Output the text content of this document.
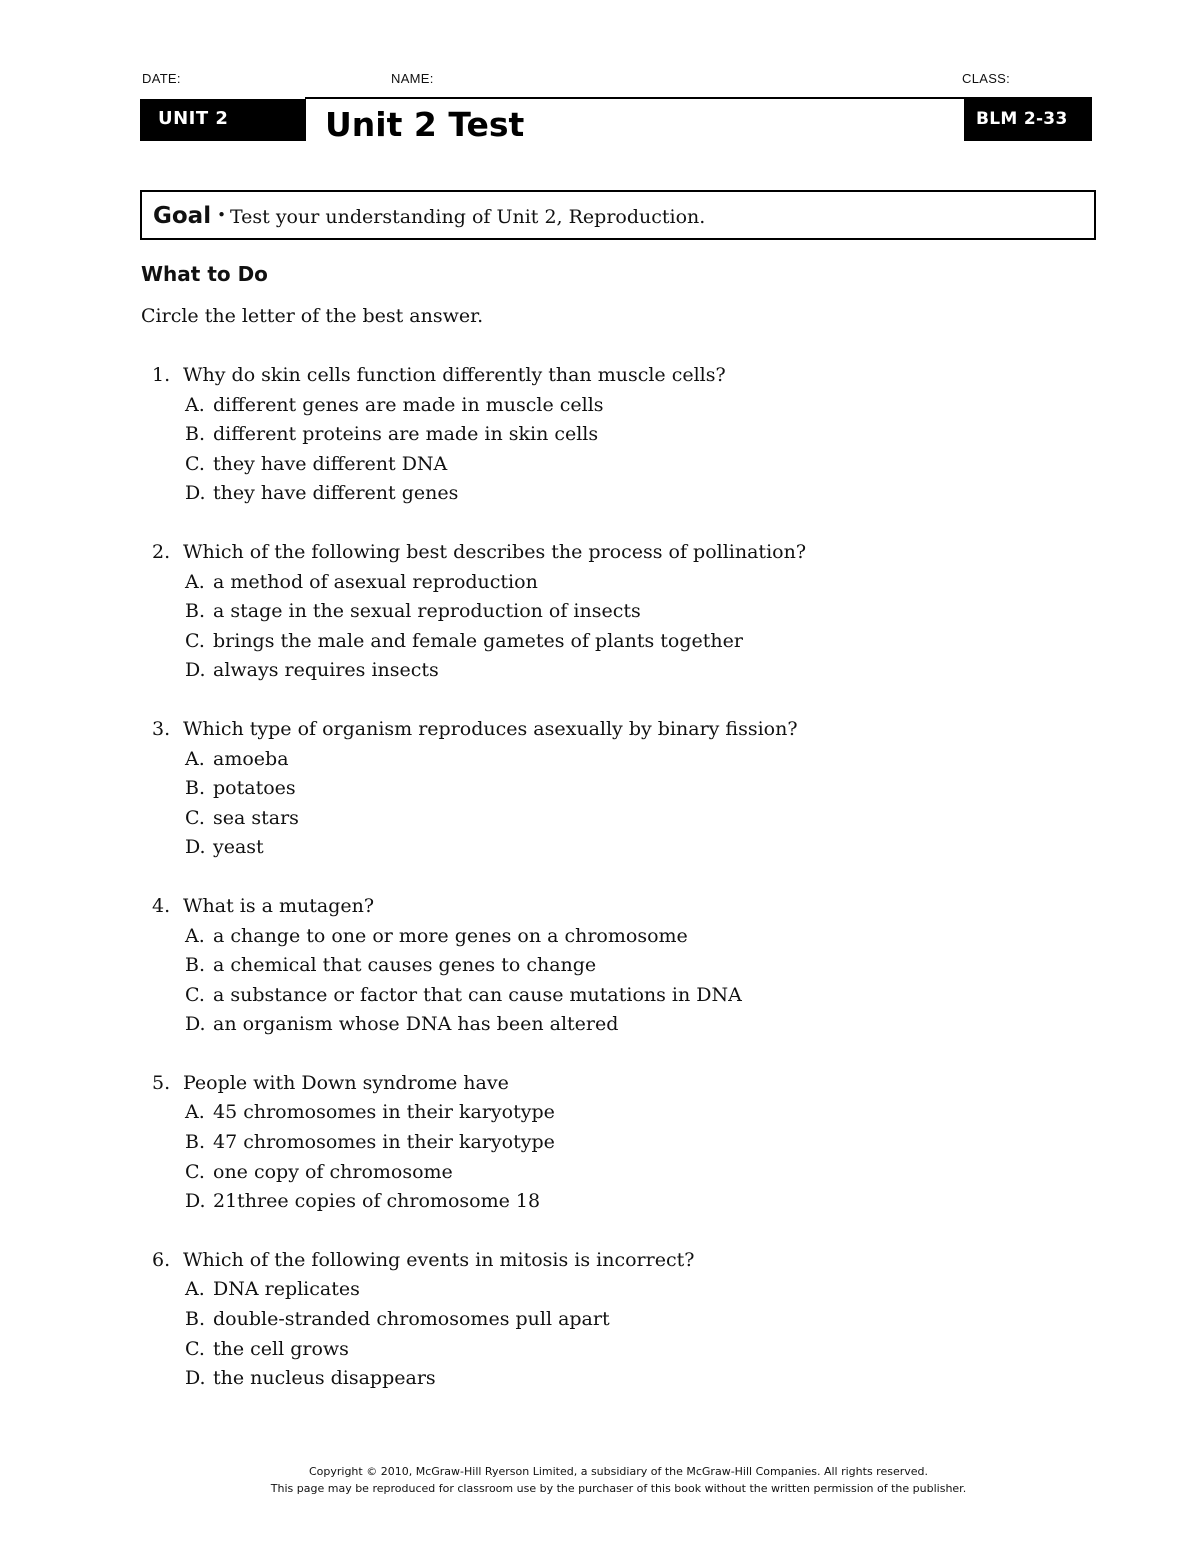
DATE:	NAME:	CLASS:
UNIT 2	Unit 2 Test	BLM 2-33
Goal • Test your understanding of Unit 2, Reproduction.
What to Do

Circle the letter of the best answer.

1. Why do skin cells function differently than muscle cells?
A. different genes are made in muscle cells
B. different proteins are made in skin cells
C. they have different DNA
D. they have different genes
2. Which of the following best describes the process of pollination?
A. a method of asexual reproduction
B. a stage in the sexual reproduction of insects
C. brings the male and female gametes of plants together
D. always requires insects
3. Which type of organism reproduces asexually by binary fission?
A. amoeba
B. potatoes
C. sea stars
D. yeast
4. What is a mutagen?
A. a change to one or more genes on a chromosome
B. a chemical that causes genes to change
C. a substance or factor that can cause mutations in DNA
D. an organism whose DNA has been altered
5. People with Down syndrome have
A. 45 chromosomes in their karyotype
B. 47 chromosomes in their karyotype
C. one copy of chromosome
D. 21three copies of chromosome 18
6. Which of the following events in mitosis is incorrect?
A. DNA replicates
B. double-stranded chromosomes pull apart
C. the cell grows
D. the nucleus disappears
Copyright © 2010, McGraw-Hill Ryerson Limited, a subsidiary of the McGraw-Hill Companies. All rights reserved.
This page may be reproduced for classroom use by the purchaser of this book without the written permission of the publisher.
